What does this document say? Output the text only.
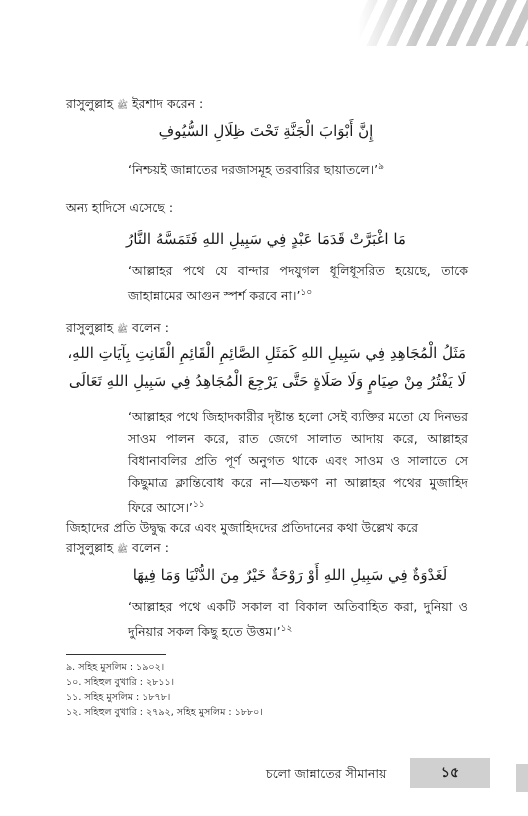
রাসুলুল্লাহ ﷺ ইরশাদ করেন :
إِنَّ أَبْوَابَ الْجَنَّةِ تَحْتَ ظِلَالِ السُّيُوفِ
‘নিশ্চয়ই জান্নাতের দরজাসমূহ তরবারির ছায়াতলে।’$^৯$
অন্য হাদিসে এসেছে :
مَا اغْبَرَّتْ قَدَمَا عَبْدٍ فِي سَبِيلِ اللهِ فَتَمَسَّهُ النَّارُ
‘আল্লাহর পথে যে বান্দার পদযুগল ধূলিধূসরিত হয়েছে, তাকে জাহান্নামের আগুন স্পর্শ করবে না।’$^{১০}$
রাসুলুল্লাহ ﷺ বলেন :
مَثَلُ الْمُجَاهِدِ فِي سَبِيلِ اللهِ كَمَثَلِ الصَّائِمِ الْقَائِمِ الْقَانِتِ بِآيَاتِ اللهِ،
لَا يَفْتُرُ مِنْ صِيَامٍ وَلَا صَلَاةٍ حَتَّى يَرْجِعَ الْمُجَاهِدُ فِي سَبِيلِ اللهِ تَعَالَى
‘আল্লাহর পথে জিহাদকারীর দৃষ্টান্ত হলো সেই ব্যক্তির মতো যে দিনভর সাওম পালন করে, রাত জেগে সালাত আদায় করে, আল্লাহর বিধানাবলির প্রতি পূর্ণ অনুগত থাকে এবং সাওম ও সালাতে সে কিছুমাত্র ক্লান্তিবোধ করে না—যতক্ষণ না আল্লাহর পথের মুজাহিদ ফিরে আসে।’$^{১১}$
জিহাদের প্রতি উদ্বুদ্ধ করে এবং মুজাহিদদের প্রতিদানের কথা উল্লেখ করে
রাসুলুল্লাহ ﷺ বলেন :
لَغَدْوَةٌ فِي سَبِيلِ اللهِ أَوْ رَوْحَةٌ خَيْرٌ مِنَ الدُّنْيَا وَمَا فِيهَا
‘আল্লাহর পথে একটি সকাল বা বিকাল অতিবাহিত করা, দুনিয়া ও দুনিয়ার সকল কিছু হতে উত্তম।’$^{১২}$
৯. সহিহ মুসলিম : ১৯০২।
১০. সহিহুল বুখারি : ২৮১১।
১১. সহিহ মুসলিম : ১৮৭৮।
১২. সহিহুল বুখারি : ২৭৯২, সহিহ মুসলিম : ১৮৮০।
চলো জান্নাতের সীমানায়	১৫
